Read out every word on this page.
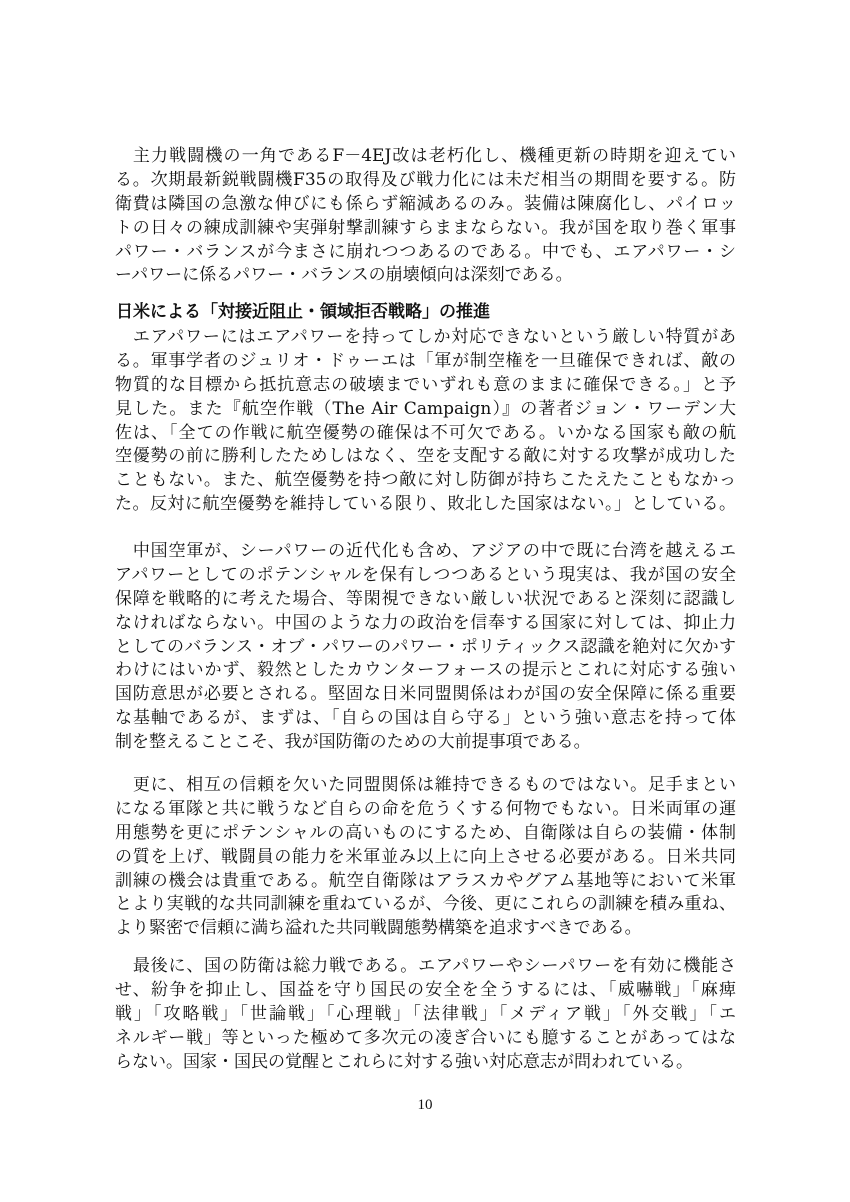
主力戦闘機の一角であるF－4EJ改は老朽化し、機種更新の時期を迎えてい
る。次期最新鋭戦闘機F35の取得及び戦力化には未だ相当の期間を要する。防
衛費は隣国の急激な伸びにも係らず縮減あるのみ。装備は陳腐化し、パイロッ
トの日々の練成訓練や実弾射撃訓練すらままならない。我が国を取り巻く軍事
パワー・バランスが今まさに崩れつつあるのである。中でも、エアパワー・シ
ーパワーに係るパワー・バランスの崩壊傾向は深刻である。
日米による「対接近阻止・領域拒否戦略」の推進
エアパワーにはエアパワーを持ってしか対応できないという厳しい特質があ
る。軍事学者のジュリオ・ドゥーエは「軍が制空権を一旦確保できれば、敵の
物質的な目標から抵抗意志の破壊までいずれも意のままに確保できる。」と予
見した。また『航空作戦（The Air Campaign）』の著者ジョン・ワーデン大
佐は、「全ての作戦に航空優勢の確保は不可欠である。いかなる国家も敵の航
空優勢の前に勝利したためしはなく、空を支配する敵に対する攻撃が成功した
こともない。また、航空優勢を持つ敵に対し防御が持ちこたえたこともなかっ
た。反対に航空優勢を維持している限り、敗北した国家はない。」としている。
中国空軍が、シーパワーの近代化も含め、アジアの中で既に台湾を越えるエ
アパワーとしてのポテンシャルを保有しつつあるという現実は、我が国の安全
保障を戦略的に考えた場合、等閑視できない厳しい状況であると深刻に認識し
なければならない。中国のような力の政治を信奉する国家に対しては、抑止力
としてのバランス・オブ・パワーのパワー・ポリティックス認識を絶対に欠かす
わけにはいかず、毅然としたカウンターフォースの提示とこれに対応する強い
国防意思が必要とされる。堅固な日米同盟関係はわが国の安全保障に係る重要
な基軸であるが、まずは、「自らの国は自ら守る」という強い意志を持って体
制を整えることこそ、我が国防衛のための大前提事項である。
更に、相互の信頼を欠いた同盟関係は維持できるものではない。足手まとい
になる軍隊と共に戦うなど自らの命を危うくする何物でもない。日米両軍の運
用態勢を更にポテンシャルの高いものにするため、自衛隊は自らの装備・体制
の質を上げ、戦闘員の能力を米軍並み以上に向上させる必要がある。日米共同
訓練の機会は貴重である。航空自衛隊はアラスカやグアム基地等において米軍
とより実戦的な共同訓練を重ねているが、今後、更にこれらの訓練を積み重ね、
より緊密で信頼に満ち溢れた共同戦闘態勢構築を追求すべきである。
最後に、国の防衛は総力戦である。エアパワーやシーパワーを有効に機能さ
せ、紛争を抑止し、国益を守り国民の安全を全うするには、「威嚇戦」「麻痺
戦」「攻略戦」「世論戦」「心理戦」「法律戦」「メディア戦」「外交戦」「エ
ネルギー戦」等といった極めて多次元の凌ぎ合いにも臆することがあってはな
らない。国家・国民の覚醒とこれらに対する強い対応意志が問われている。
10
